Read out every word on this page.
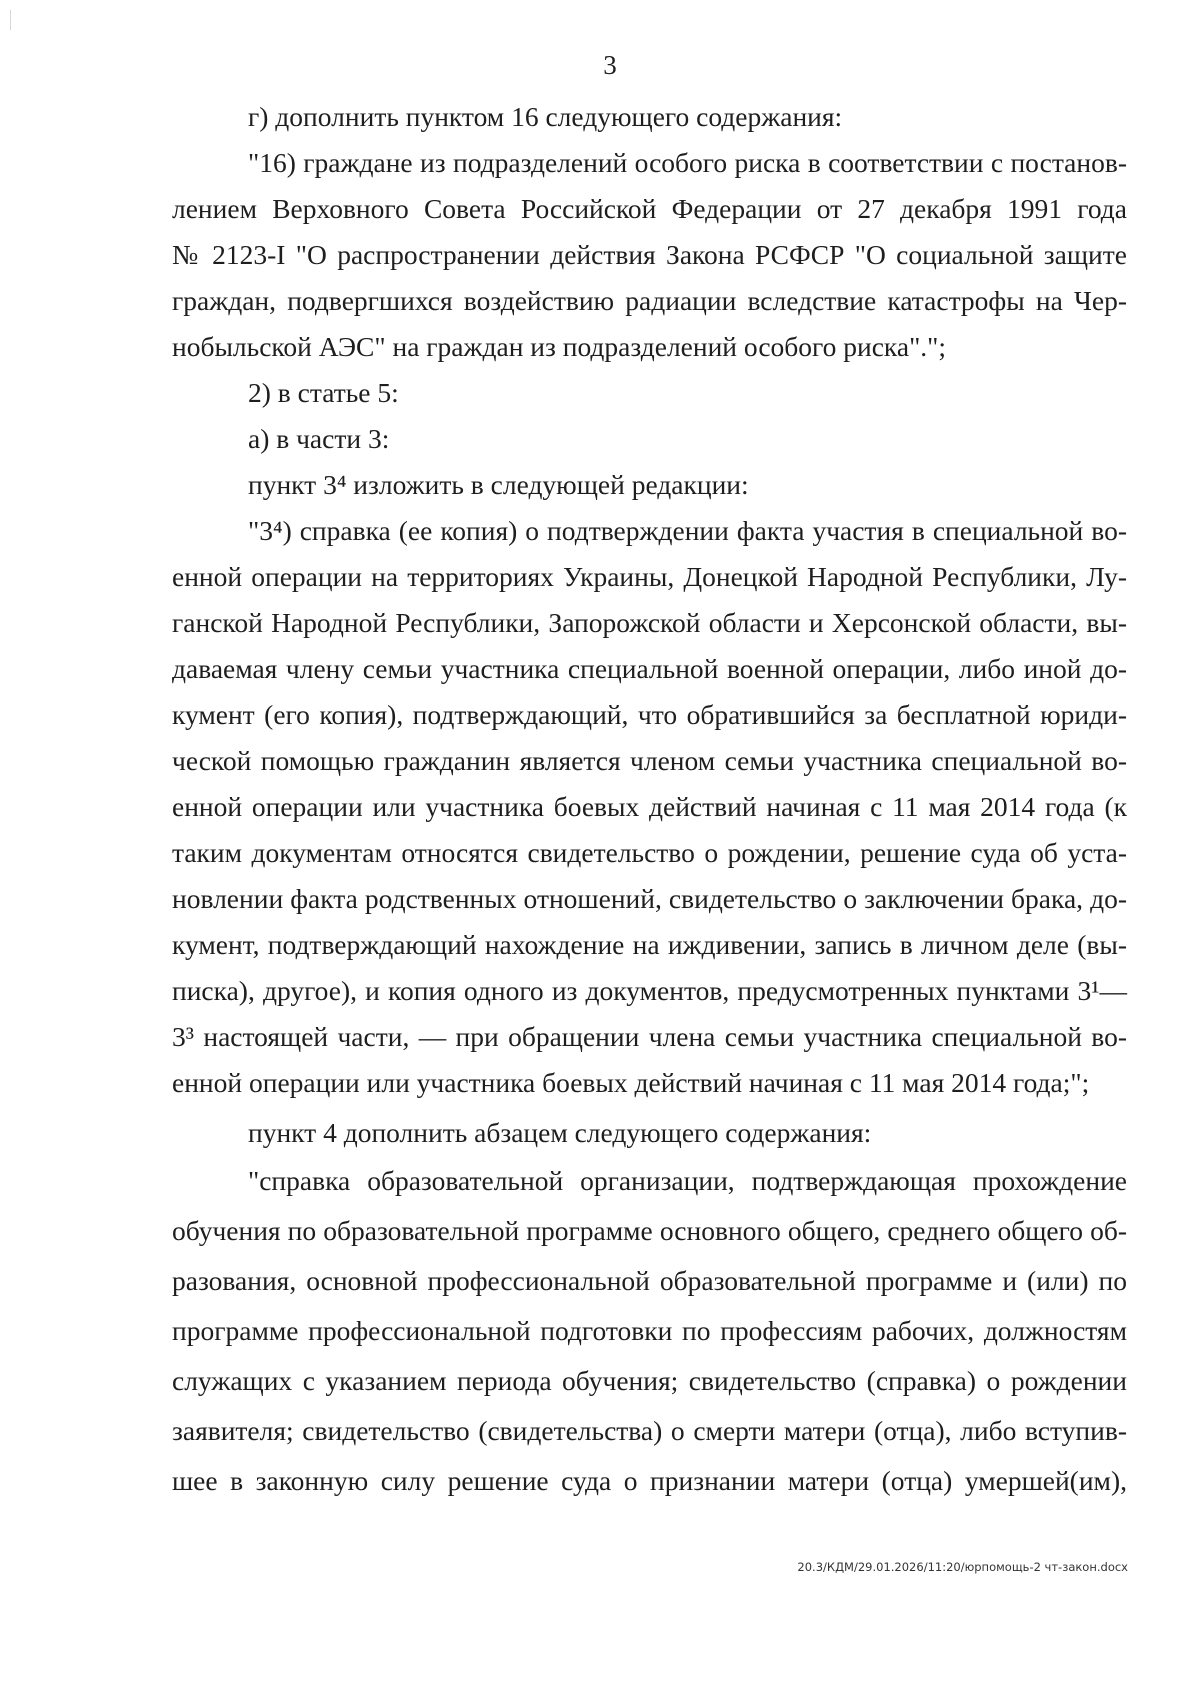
3
г) дополнить пунктом 16 следующего содержания:
"16) граждане из подразделений особого риска в соответствии с постанов-
лением Верховного Совета Российской Федерации от 27 декабря 1991 года
№ 2123-I "О распространении действия Закона РСФСР "О социальной защите
граждан, подвергшихся воздействию радиации вследствие катастрофы на Чер-
нобыльской АЭС" на граждан из подразделений особого риска".";
2) в статье 5:
а) в части 3:
пункт 3⁴ изложить в следующей редакции:
"3⁴) справка (ее копия) о подтверждении факта участия в специальной во-
енной операции на территориях Украины, Донецкой Народной Республики, Лу-
ганской Народной Республики, Запорожской области и Херсонской области, вы-
даваемая члену семьи участника специальной военной операции, либо иной до-
кумент (его копия), подтверждающий, что обратившийся за бесплатной юриди-
ческой помощью гражданин является членом семьи участника специальной во-
енной операции или участника боевых действий начиная с 11 мая 2014 года (к
таким документам относятся свидетельство о рождении, решение суда об уста-
новлении факта родственных отношений, свидетельство о заключении брака, до-
кумент, подтверждающий нахождение на иждивении, запись в личном деле (вы-
писка), другое), и копия одного из документов, предусмотренных пунктами 3¹—
3³ настоящей части, — при обращении члена семьи участника специальной во-
енной операции или участника боевых действий начиная с 11 мая 2014 года;";
пункт 4 дополнить абзацем следующего содержания:
"справка образовательной организации, подтверждающая прохождение
обучения по образовательной программе основного общего, среднего общего об-
разования, основной профессиональной образовательной программе и (или) по
программе профессиональной подготовки по профессиям рабочих, должностям
служащих с указанием периода обучения; свидетельство (справка) о рождении
заявителя; свидетельство (свидетельства) о смерти матери (отца), либо вступив-
шее в законную силу решение суда о признании матери (отца) умершей(им),
20.3/КДМ/29.01.2026/11:20/юрпомощь-2 чт-закон.docx
